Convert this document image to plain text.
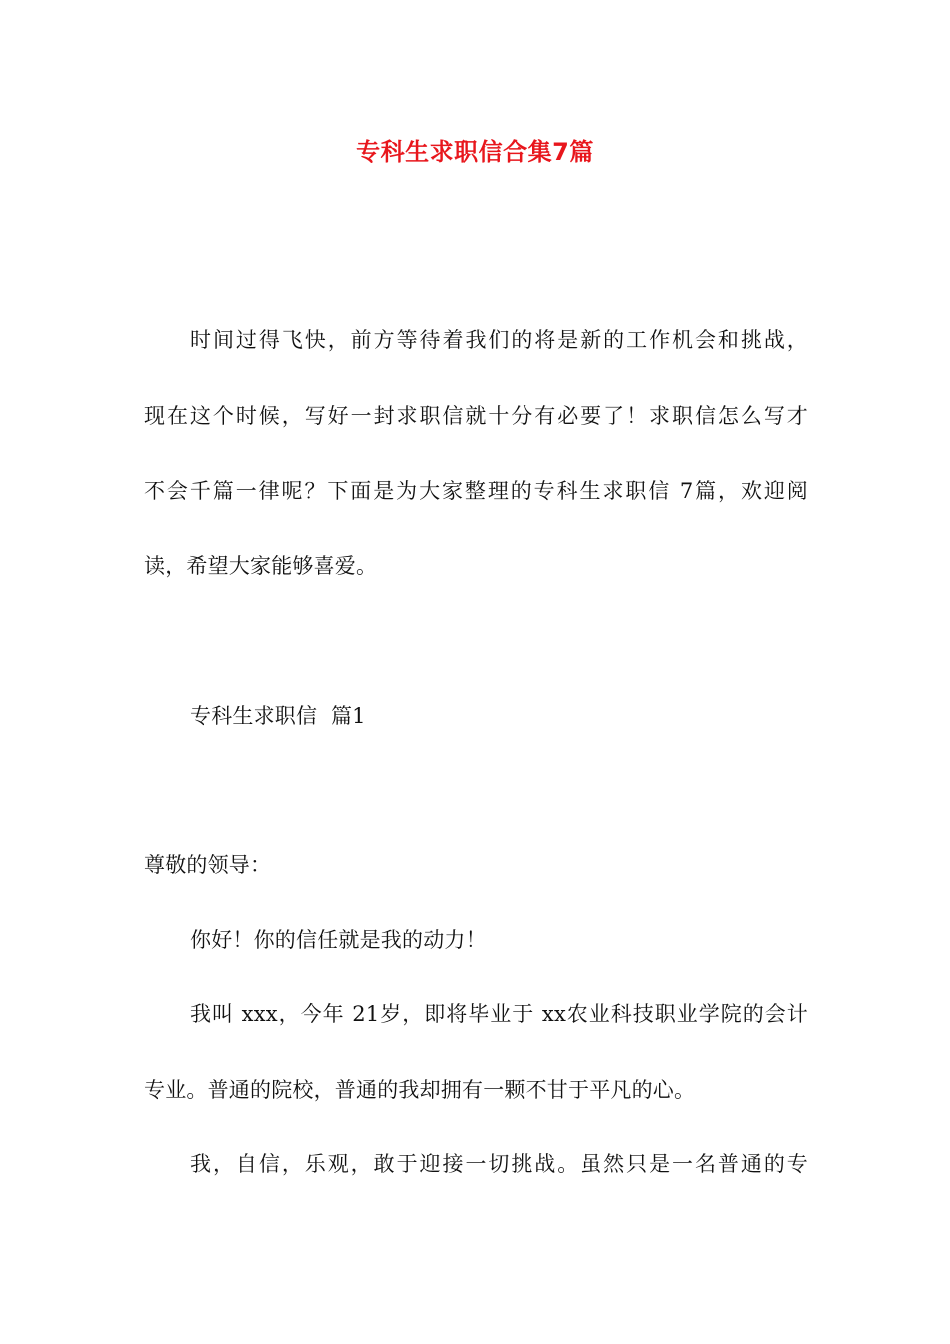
专科生求职信合集7篇
时间过得飞快，前方等待着我们的将是新的工作机会和挑战，
现在这个时候，写好一封求职信就十分有必要了！求职信怎么写才
不会千篇一律呢？下面是为大家整理的专科生求职信 7篇，欢迎阅
读，希望大家能够喜爱。
专科生求职信  篇1
尊敬的领导：
你好！你的信任就是我的动力！
我叫 xxx，今年 21岁，即将毕业于 xx农业科技职业学院的会计
专业。普通的院校，普通的我却拥有一颗不甘于平凡的心。
我，自信，乐观，敢于迎接一切挑战。虽然只是一名普通的专
